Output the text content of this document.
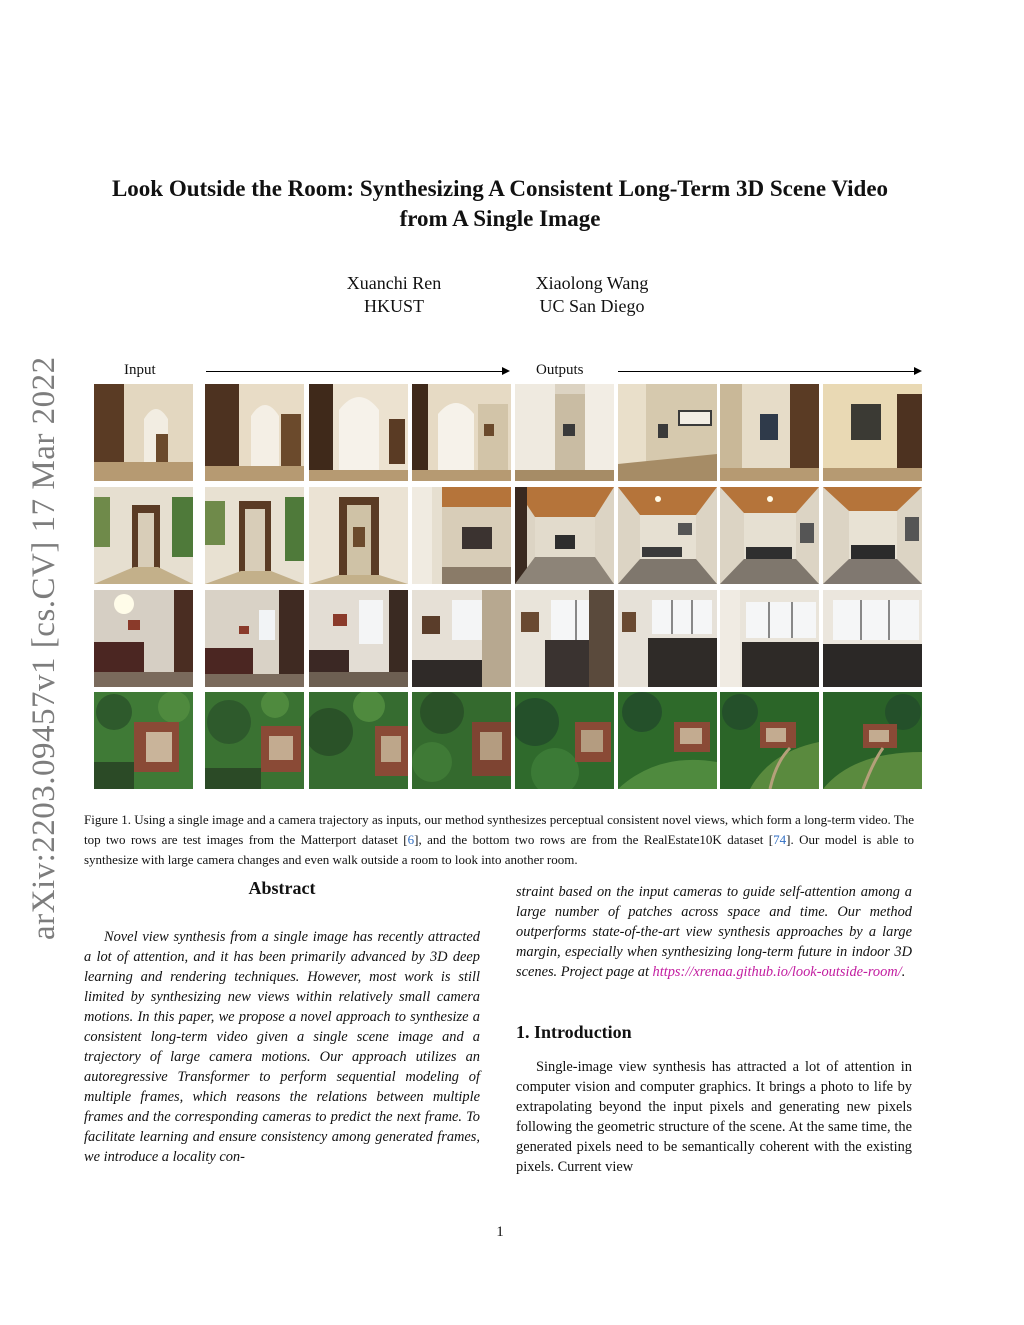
arXiv:2203.09457v1 [cs.CV] 17 Mar 2022
Look Outside the Room: Synthesizing A Consistent Long-Term 3D Scene Video
from A Single Image
Xuanchi Ren
HKUST
Xiaolong Wang
UC San Diego
Input	Outputs
Figure 1. Using a single image and a camera trajectory as inputs, our method synthesizes perceptual consistent novel views, which form a long-term video. The top two rows are test images from the Matterport dataset [6], and the bottom two rows are from the RealEstate10K dataset [74]. Our model is able to synthesize with large camera changes and even walk outside a room to look into another room.
Abstract

Novel view synthesis from a single image has recently attracted a lot of attention, and it has been primarily advanced by 3D deep learning and rendering techniques. However, most work is still limited by synthesizing new views within relatively small camera motions. In this paper, we propose a novel approach to synthesize a consistent long-term video given a single scene image and a trajectory of large camera motions. Our approach utilizes an autoregressive Transformer to perform sequential modeling of multiple frames, which reasons the relations between multiple frames and the corresponding cameras to predict the next frame. To facilitate learning and ensure consistency among generated frames, we introduce a locality con-

straint based on the input cameras to guide self-attention among a large number of patches across space and time. Our method outperforms state-of-the-art view synthesis approaches by a large margin, especially when synthesizing long-term future in indoor 3D scenes. Project page at https://xrenaa.github.io/look-outside-room/.

1. Introduction

Single-image view synthesis has attracted a lot of attention in computer vision and computer graphics. It brings a photo to life by extrapolating beyond the input pixels and generating new pixels following the geometric structure of the scene. At the same time, the generated pixels need to be semantically coherent with the existing pixels. Current view

1
